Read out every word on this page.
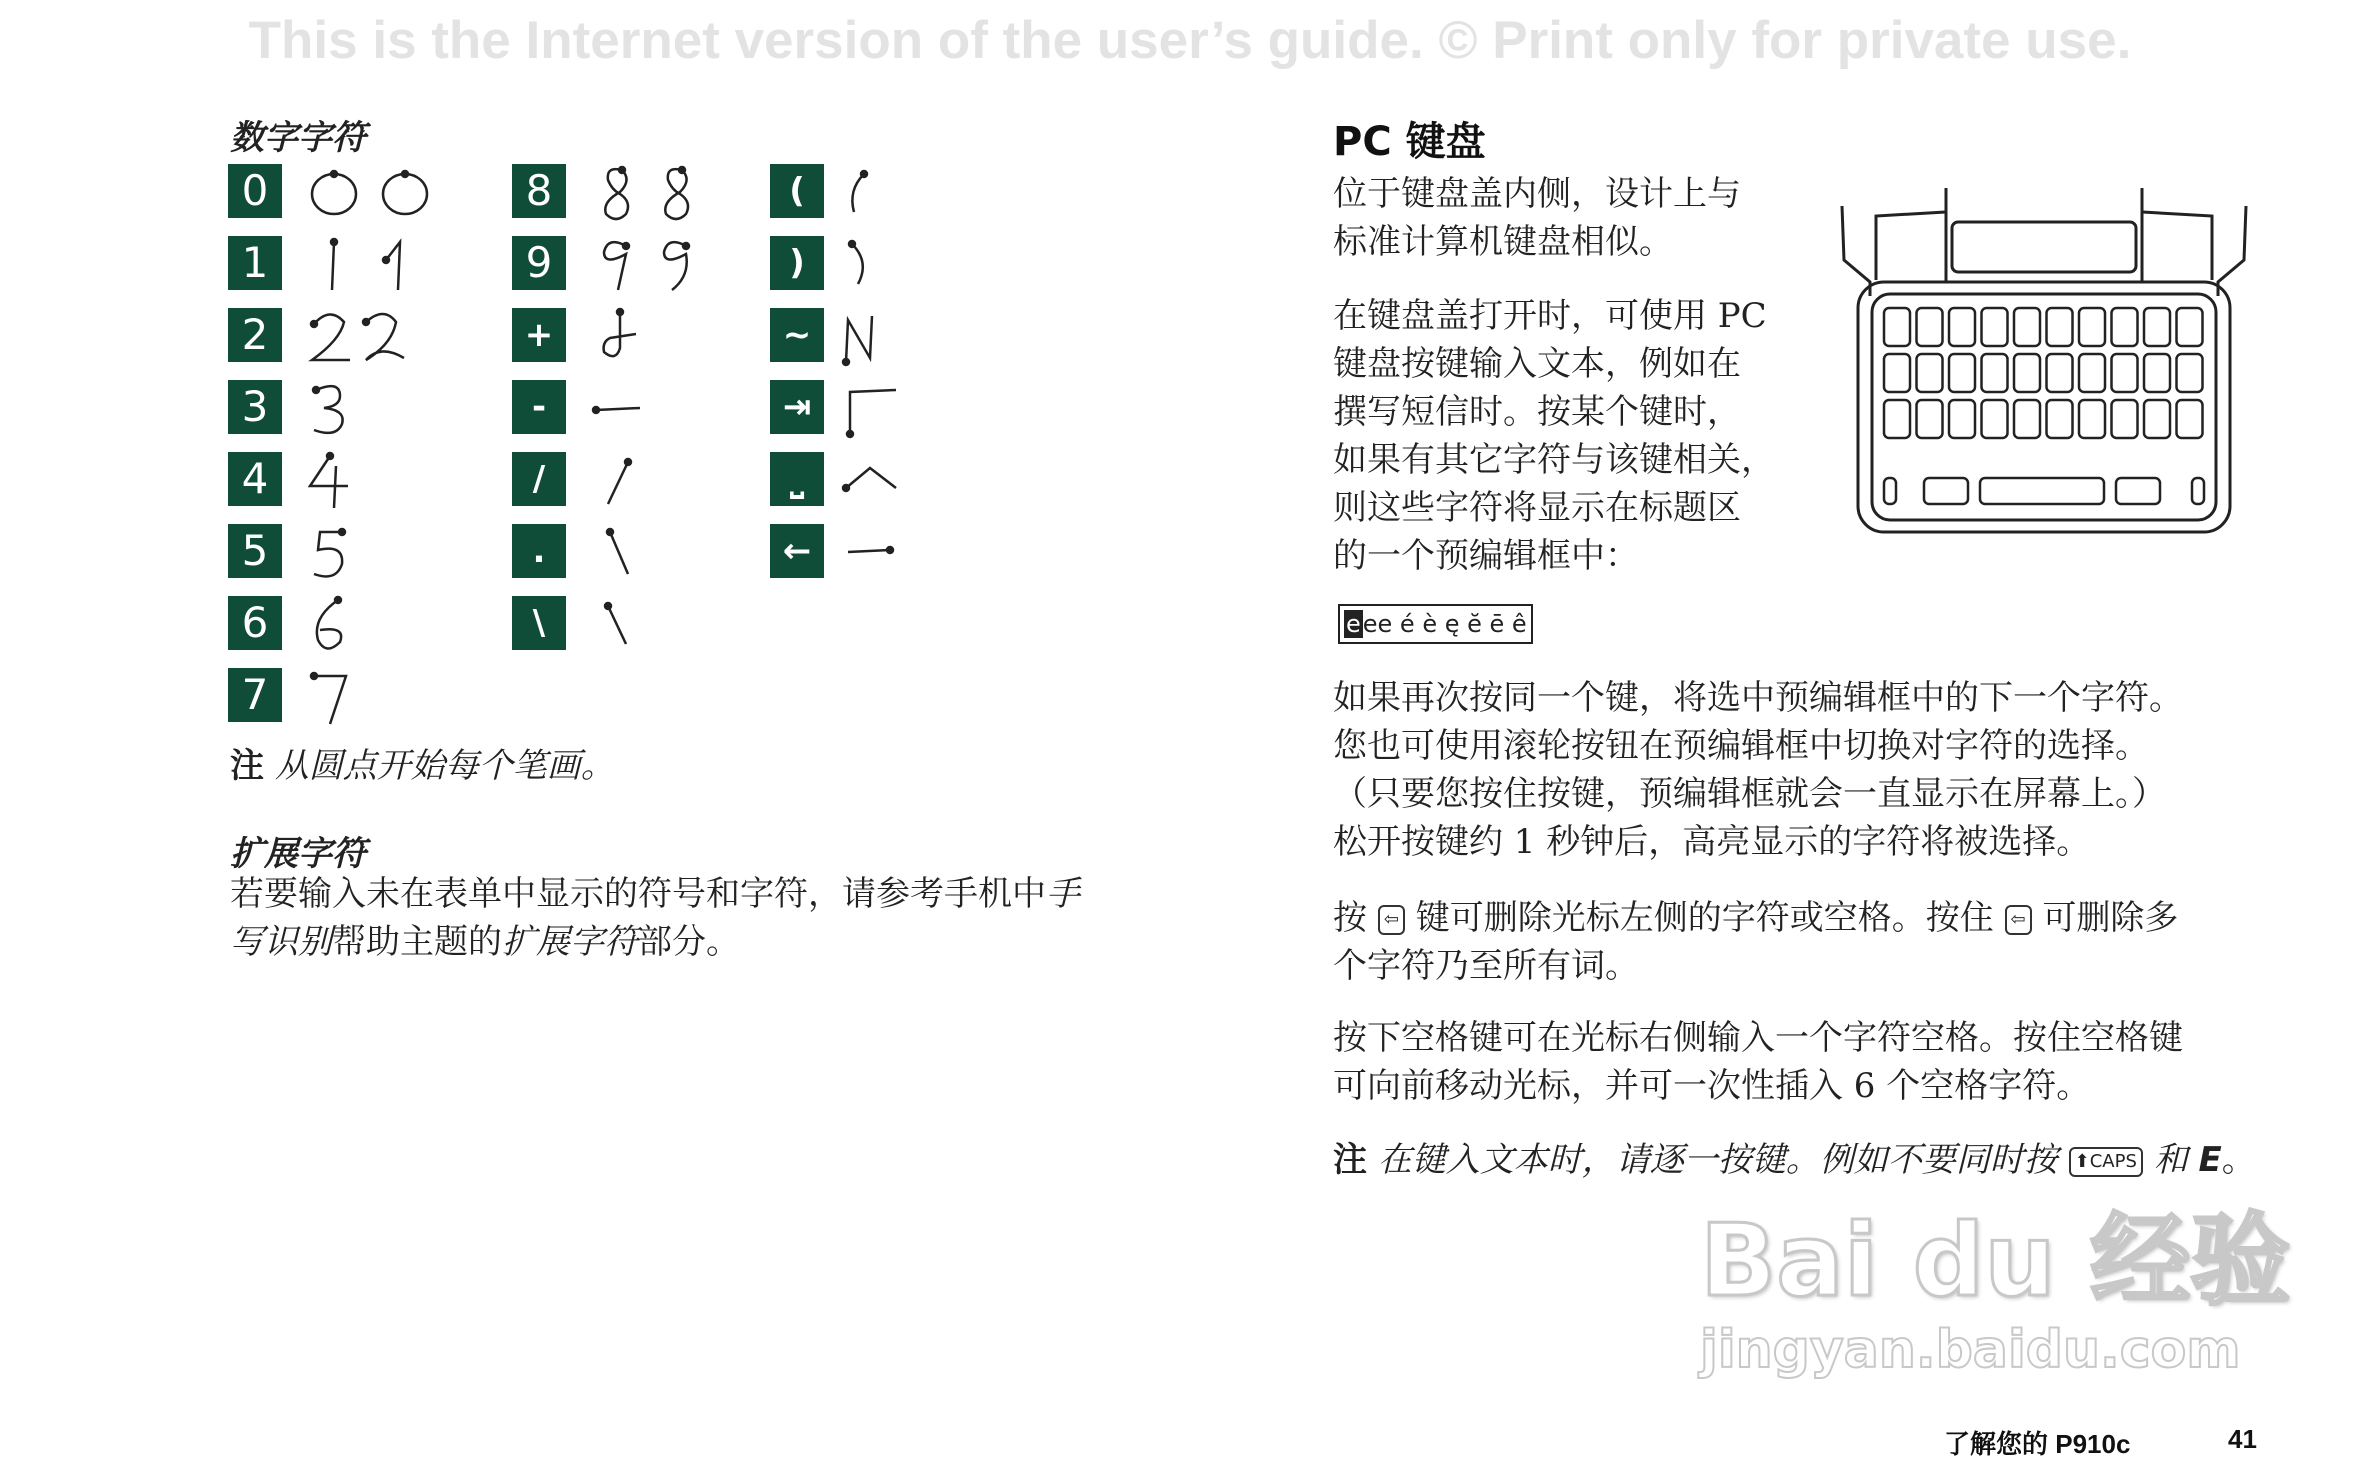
This is the Internet version of the user’s guide. © Print only for private use.
数字字符
0
1
2
3
4
5
6
7
8
9
+
-
/
.
\
(
)
~
⇥
⎵
←
注 从圆点开始每个笔画。
扩展字符
若要输入未在表单中显示的符号和字符，请参考手机中手
写识别帮助主题的扩展字符部分。
PC 键盘
位于键盘盖内侧，设计上与
标准计算机键盘相似。
在键盘盖打开时，可使用 PC
键盘按键输入文本，例如在
撰写短信时。按某个键时，
如果有其它字符与该键相关，
则这些字符将显示在标题区
的一个预编辑框中：
eee é è ę ĕ ē ê
如果再次按同一个键，将选中预编辑框中的下一个字符。
您也可使用滚轮按钮在预编辑框中切换对字符的选择。
（只要您按住按键，预编辑框就会一直显示在屏幕上。）
松开按键约 1 秒钟后，高亮显示的字符将被选择。
按 ⇦ 键可删除光标左侧的字符或空格。按住 ⇦ 可删除多
个字符乃至所有词。
按下空格键可在光标右侧输入一个字符空格。按住空格键
可向前移动光标，并可一次性插入 6 个空格字符。
注 在键入文本时，请逐一按键。例如不要同时按 ⬆CAPS 和 E。
Bai du 经验
jingyan.baidu.com
了解您的 P910c	41
